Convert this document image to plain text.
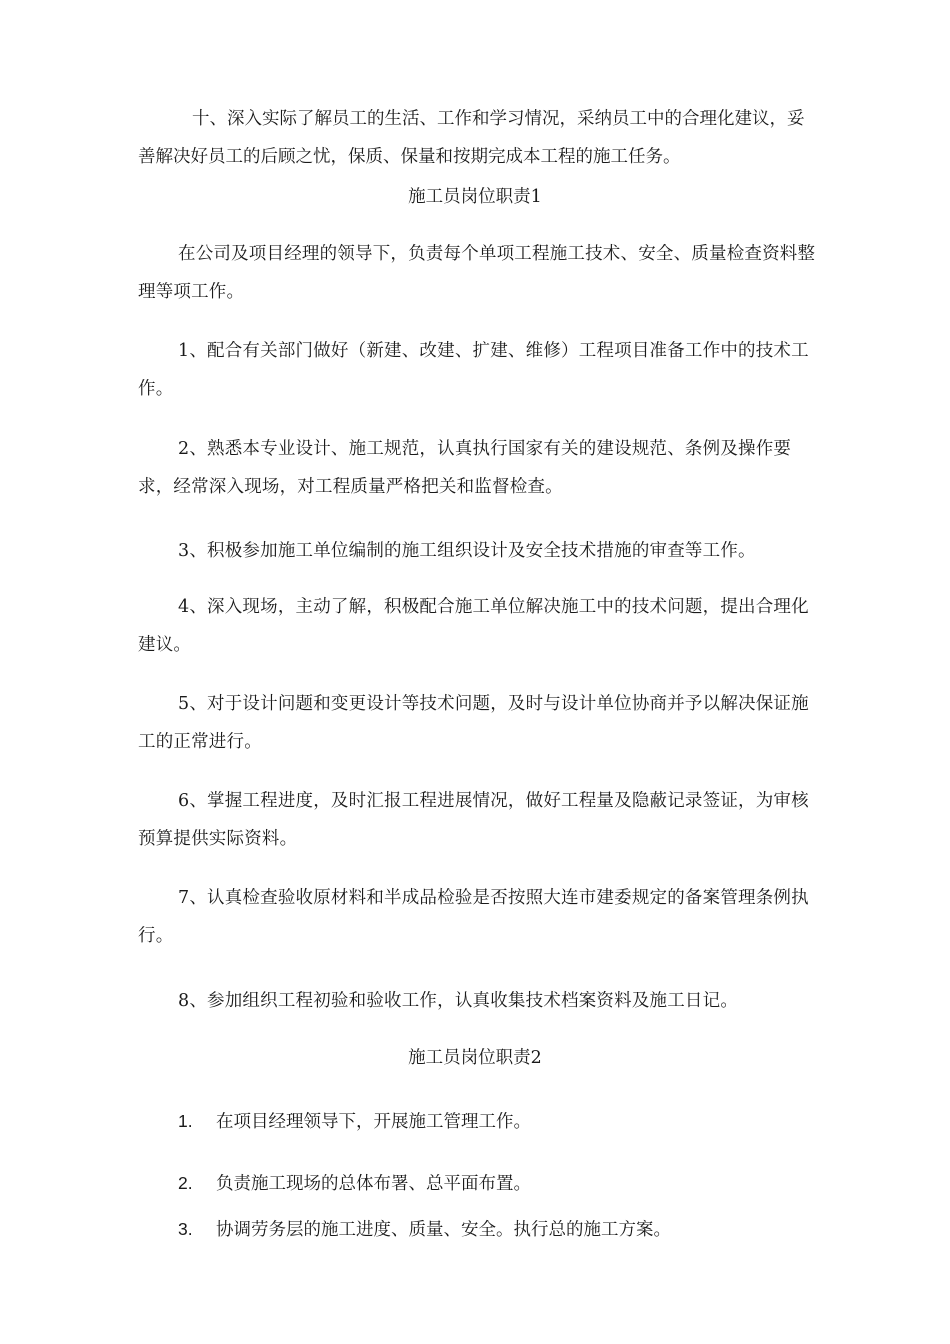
十、深入实际了解员工的生活、工作和学习情况，采纳员工中的合理化建议，妥善解决好员工的后顾之忧，保质、保量和按期完成本工程的施工任务。

施工员岗位职责1

在公司及项目经理的领导下，负责每个单项工程施工技术、安全、质量检查资料整理等项工作。

1、配合有关部门做好（新建、改建、扩建、维修）工程项目准备工作中的技术工作。

2、熟悉本专业设计、施工规范，认真执行国家有关的建设规范、条例及操作要求，经常深入现场，对工程质量严格把关和监督检查。

3、积极参加施工单位编制的施工组织设计及安全技术措施的审查等工作。

4、深入现场，主动了解，积极配合施工单位解决施工中的技术问题，提出合理化建议。

5、对于设计问题和变更设计等技术问题，及时与设计单位协商并予以解决保证施工的正常进行。

6、掌握工程进度，及时汇报工程进展情况，做好工程量及隐蔽记录签证，为审核预算提供实际资料。

7、认真检查验收原材料和半成品检验是否按照大连市建委规定的备案管理条例执行。

8、参加组织工程初验和验收工作，认真收集技术档案资料及施工日记。

施工员岗位职责2

1. 在项目经理领导下，开展施工管理工作。

2. 负责施工现场的总体布署、总平面布置。

3. 协调劳务层的施工进度、质量、安全。执行总的施工方案。
